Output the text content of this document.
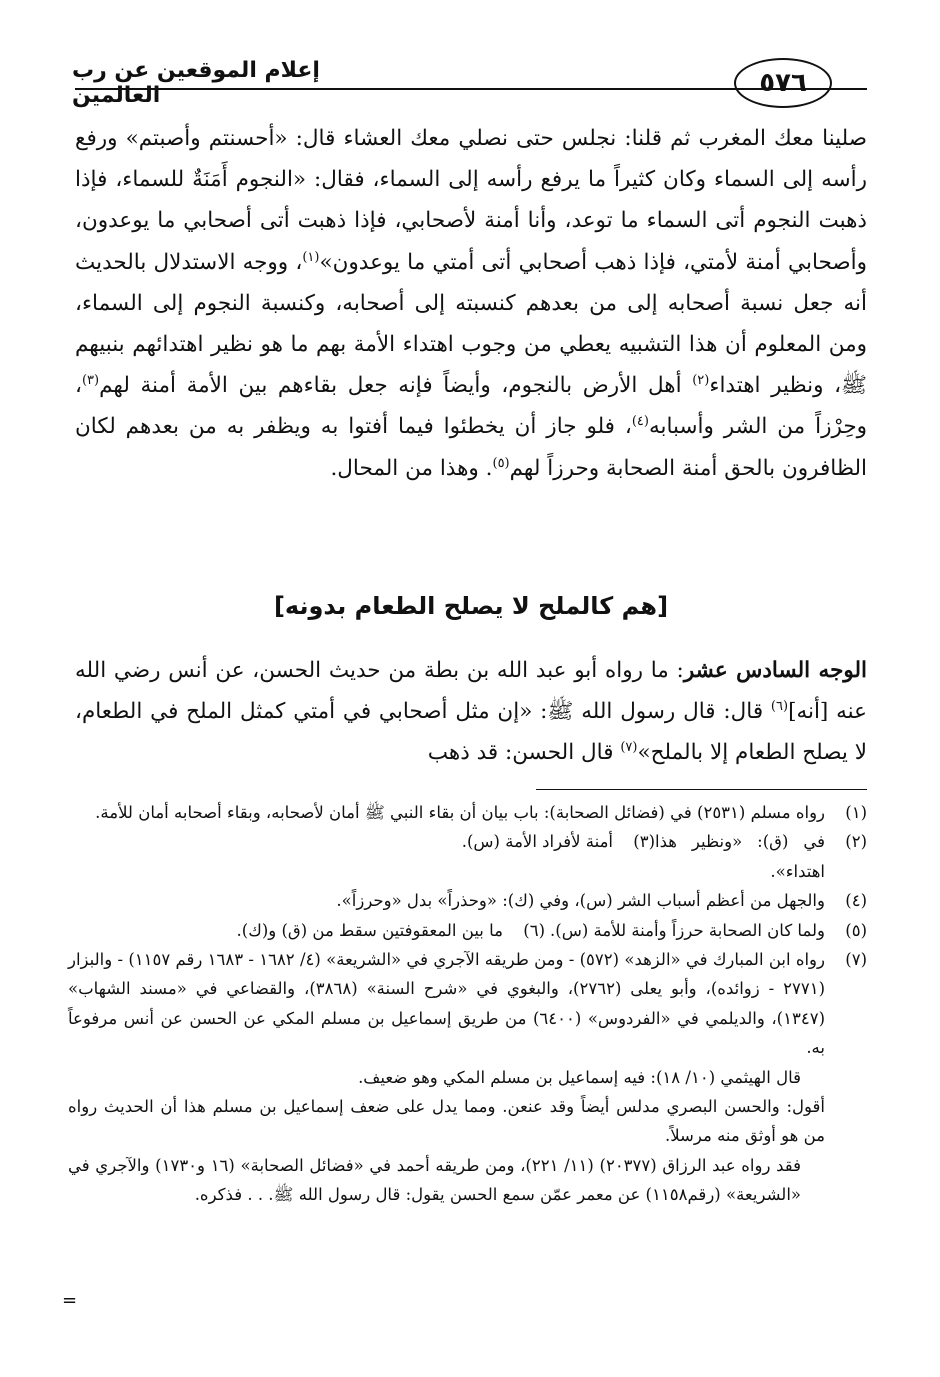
٥٧٦
إعلام الموقعين عن رب العالمين

صلينا معك المغرب ثم قلنا: نجلس حتى نصلي معك العشاء قال: «أحسنتم وأصبتم» ورفع رأسه إلى السماء وكان كثيراً ما يرفع رأسه إلى السماء، فقال: «النجوم أَمَنَةٌ للسماء، فإذا ذهبت النجوم أتى السماء ما توعد، وأنا أمنة لأصحابي، فإذا ذهبت أتى أصحابي ما يوعدون، وأصحابي أمنة لأمتي، فإذا ذهب أصحابي أتى أمتي ما يوعدون»$^{(١)}$، ووجه الاستدلال بالحديث أنه جعل نسبة أصحابه إلى من بعدهم كنسبته إلى أصحابه، وكنسبة النجوم إلى السماء، ومن المعلوم أن هذا التشبيه يعطي من وجوب اهتداء الأمة بهم ما هو نظير اهتدائهم بنبيهم ﷺ، ونظير اهتداء$^{(٢)}$ أهل الأرض بالنجوم، وأيضاً فإنه جعل بقاءهم بين الأمة أمنة لهم$^{(٣)}$، وحِرْزاً من الشر وأسبابه$^{(٤)}$، فلو جاز أن يخطئوا فيما أفتوا به ويظفر به من بعدهم لكان الظافرون بالحق أمنة الصحابة وحرزاً لهم$^{(٥)}$. وهذا من المحال.

[هم كالملح لا يصلح الطعام بدونه]

الوجه السادس عشر: ما رواه أبو عبد الله بن بطة من حديث الحسن، عن أنس رضي الله عنه [أنه]$^{(٦)}$ قال: قال رسول الله ﷺ: «إن مثل أصحابي في أمتي كمثل الملح في الطعام، لا يصلح الطعام إلا بالملح»$^{(٧)}$ قال الحسن: قد ذهب

(١)
رواه مسلم (٢٥٣١) في (فضائل الصحابة): باب بيان أن بقاء النبي ﷺ أمان لأصحابه، وبقاء أصحابه أمان للأمة.
(٢)
في (ق): «ونظير هذا اهتداء».
(٣)
أمنة لأفراد الأمة (س).
(٤)
والجهل من أعظم أسباب الشر (س)، وفي (ك): «وحذراً» بدل «وحرزاً».
(٥)
ولما كان الصحابة حرزاً وأمنة للأمة (س).
(٦)
ما بين المعقوفتين سقط من (ق) و(ك).
(٧)

رواه ابن المبارك في «الزهد» (٥٧٢) - ومن طريقه الآجري في «الشريعة» (٤/ ١٦٨٢ - ١٦٨٣ رقم ١١٥٧) - والبزار (٢٧٧١ - زوائده)، وأبو يعلى (٢٧٦٢)، والبغوي في «شرح السنة» (٣٨٦٨)، والقضاعي في «مسند الشهاب» (١٣٤٧)، والديلمي في «الفردوس» (٦٤٠٠) من طريق إسماعيل بن مسلم المكي عن الحسن عن أنس مرفوعاً به.

قال الهيثمي (١٠/ ١٨): فيه إسماعيل بن مسلم المكي وهو ضعيف.

أقول: والحسن البصري مدلس أيضاً وقد عنعن. ومما يدل على ضعف إسماعيل بن مسلم هذا أن الحديث رواه من هو أوثق منه مرسلاً.

فقد رواه عبد الرزاق (٢٠٣٧٧) (١١/ ٢٢١)، ومن طريقه أحمد في «فضائل الصحابة» (١٦ و١٧٣٠) والآجري في «الشريعة» (رقم١١٥٨) عن معمر عمّن سمع الحسن يقول: قال رسول الله ﷺ. . . فذكره.

=
